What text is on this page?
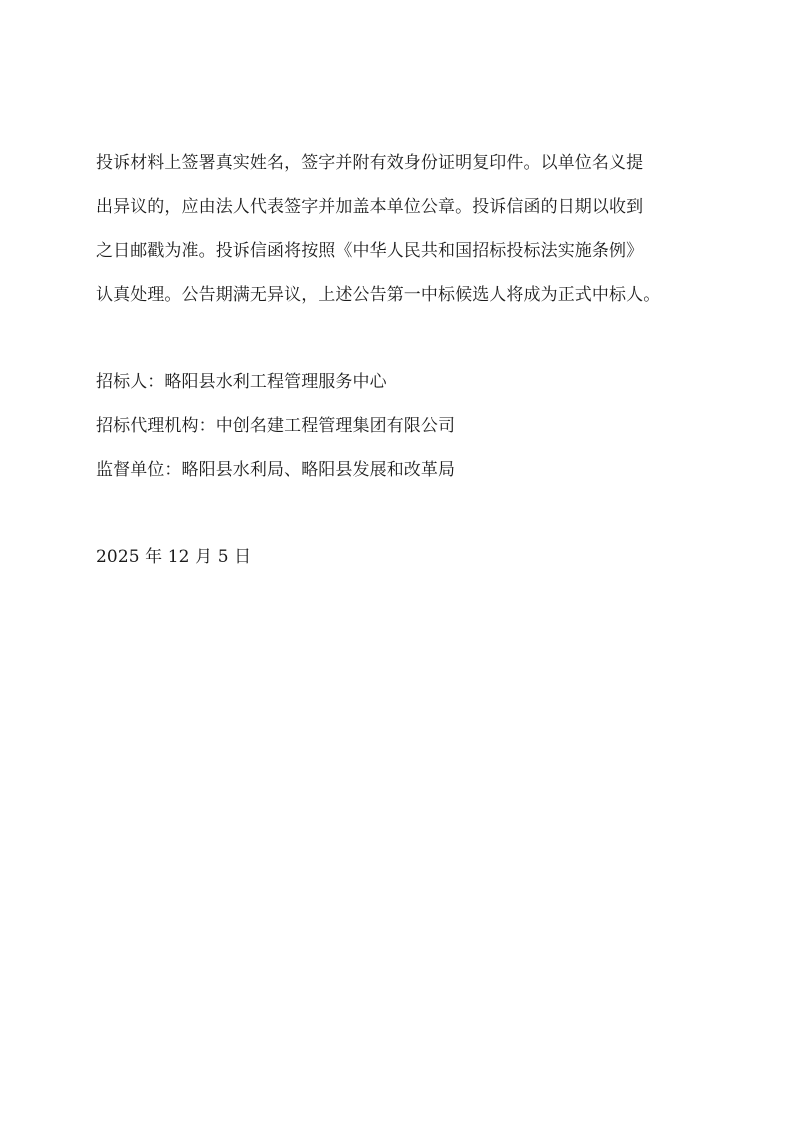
投诉材料上签署真实姓名，签字并附有效身份证明复印件。以单位名义提
出异议的，应由法人代表签字并加盖本单位公章。投诉信函的日期以收到
之日邮戳为准。投诉信函将按照《中华人民共和国招标投标法实施条例》
认真处理。公告期满无异议，上述公告第一中标候选人将成为正式中标人。
招标人：略阳县水利工程管理服务中心
招标代理机构：中创名建工程管理集团有限公司
监督单位：略阳县水利局、略阳县发展和改革局
2025 年 12 月 5 日
